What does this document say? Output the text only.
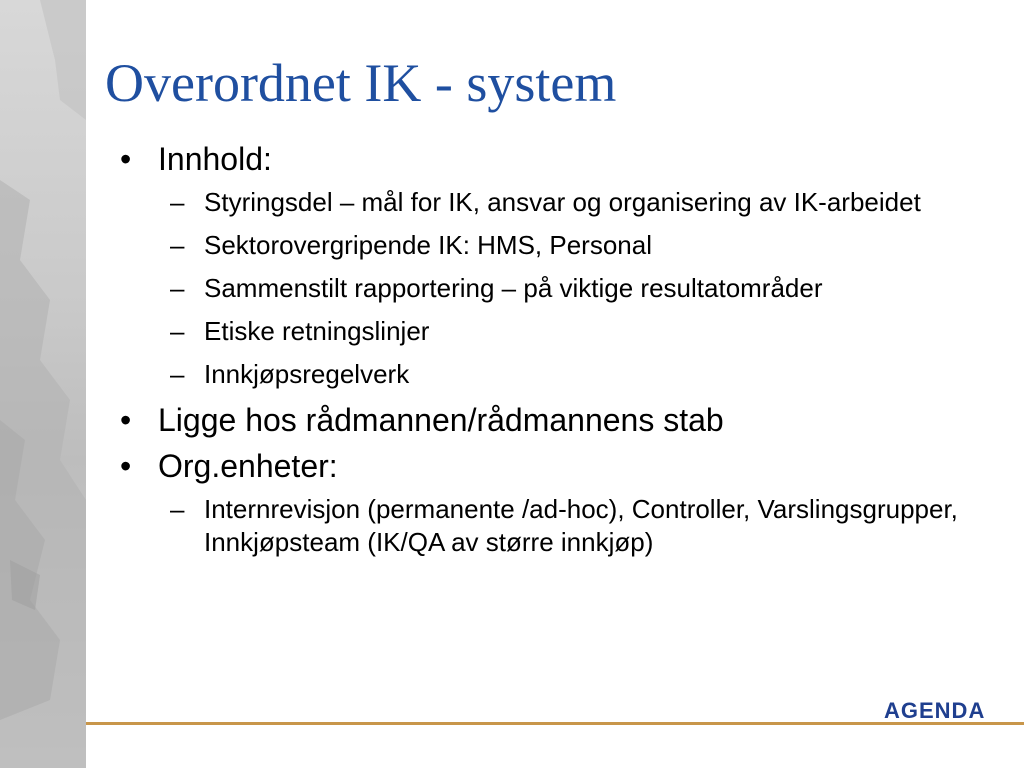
Overordnet IK - system
• Innhold:
– Styringsdel – mål for IK, ansvar og organisering av IK-arbeidet
– Sektorovergripende IK: HMS, Personal
– Sammenstilt rapportering – på viktige resultatområder
– Etiske retningslinjer
– Innkjøpsregelverk
• Ligge hos rådmannen/rådmannens stab
• Org.enheter:
– Internrevisjon (permanente /ad-hoc), Controller, Varslingsgrupper, Innkjøpsteam (IK/QA av større innkjøp)
AGENDA
